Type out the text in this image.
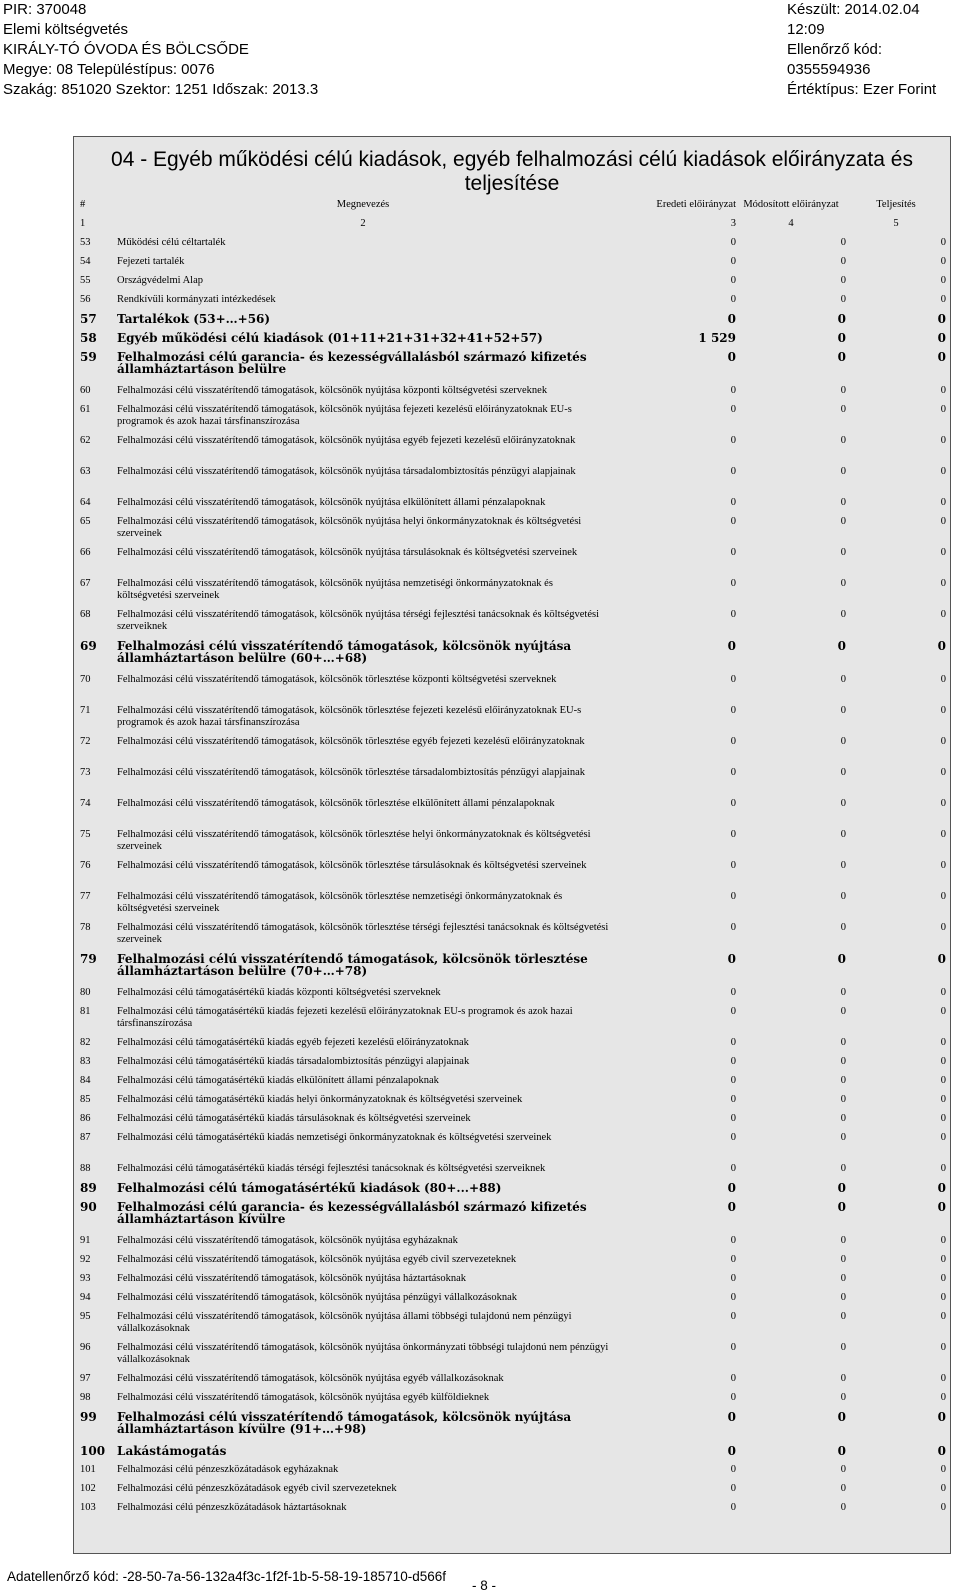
PIR: 370048
Elemi költségvetés
KIRÁLY-TÓ ÓVODA ÉS BÖLCSŐDE
Megye: 08 Településtípus: 0076
Szakág: 851020 Szektor: 1251 Időszak: 2013.3
Készült: 2014.02.04 12:09
Ellenőrző kód: 0355594936
Értéktípus: Ezer Forint
04 - Egyéb működési célú kiadások, egyéb felhalmozási célú kiadások előirányzata és teljesítése
#	Megnevezés	Eredeti előirányzat	Módosított előirányzat	Teljesítés
1	2	3	4	5
53	Működési célú céltartalék	0	0	0
54	Fejezeti tartalék	0	0	0
55	Országvédelmi Alap	0	0	0
56	Rendkívüli kormányzati intézkedések	0	0	0
57	Tartalékok (53+…+56)	0	0	0
58	Egyéb működési célú kiadások (01+11+21+31+32+41+52+57)	1 529	0	0
59	Felhalmozási célú garancia- és kezességvállalásból származó kifizetés államháztartáson belülre	0	0	0
60	Felhalmozási célú visszatérítendő támogatások, kölcsönök nyújtása központi költségvetési szerveknek	0	0	0
61	Felhalmozási célú visszatérítendő támogatások, kölcsönök nyújtása fejezeti kezelésű előirányzatoknak EU-s programok és azok hazai társfinanszírozása	0	0	0
62	Felhalmozási célú visszatérítendő támogatások, kölcsönök nyújtása egyéb fejezeti kezelésű előirányzatoknak	0	0	0
63	Felhalmozási célú visszatérítendő támogatások, kölcsönök nyújtása társadalombiztosítás pénzügyi alapjainak	0	0	0
64	Felhalmozási célú visszatérítendő támogatások, kölcsönök nyújtása elkülönített állami pénzalapoknak	0	0	0
65	Felhalmozási célú visszatérítendő támogatások, kölcsönök nyújtása helyi önkormányzatoknak és költségvetési szerveinek	0	0	0
66	Felhalmozási célú visszatérítendő támogatások, kölcsönök nyújtása társulásoknak és költségvetési szerveinek	0	0	0
67	Felhalmozási célú visszatérítendő támogatások, kölcsönök nyújtása nemzetiségi önkormányzatoknak és költségvetési szerveinek	0	0	0
68	Felhalmozási célú visszatérítendő támogatások, kölcsönök nyújtása térségi fejlesztési tanácsoknak és költségvetési szerveiknek	0	0	0
69	Felhalmozási célú visszatérítendő támogatások, kölcsönök nyújtása államháztartáson belülre (60+…+68)	0	0	0
70	Felhalmozási célú visszatérítendő támogatások, kölcsönök törlesztése központi költségvetési szerveknek	0	0	0
71	Felhalmozási célú visszatérítendő támogatások, kölcsönök törlesztése fejezeti kezelésű előirányzatoknak EU-s programok és azok hazai társfinanszírozása	0	0	0
72	Felhalmozási célú visszatérítendő támogatások, kölcsönök törlesztése egyéb fejezeti kezelésű előirányzatoknak	0	0	0
73	Felhalmozási célú visszatérítendő támogatások, kölcsönök törlesztése társadalombiztosítás pénzügyi alapjainak	0	0	0
74	Felhalmozási célú visszatérítendő támogatások, kölcsönök törlesztése elkülönített állami pénzalapoknak	0	0	0
75	Felhalmozási célú visszatérítendő támogatások, kölcsönök törlesztése helyi önkormányzatoknak és költségvetési szerveinek	0	0	0
76	Felhalmozási célú visszatérítendő támogatások, kölcsönök törlesztése társulásoknak és költségvetési szerveinek	0	0	0
77	Felhalmozási célú visszatérítendő támogatások, kölcsönök törlesztése nemzetiségi önkormányzatoknak és költségvetési szerveinek	0	0	0
78	Felhalmozási célú visszatérítendő támogatások, kölcsönök törlesztése térségi fejlesztési tanácsoknak és költségvetési szerveinek	0	0	0
79	Felhalmozási célú visszatérítendő támogatások, kölcsönök törlesztése államháztartáson belülre (70+…+78)	0	0	0
80	Felhalmozási célú támogatásértékű kiadás központi költségvetési szerveknek	0	0	0
81	Felhalmozási célú támogatásértékű kiadás fejezeti kezelésű előirányzatoknak EU-s programok és azok hazai társfinanszírozása	0	0	0
82	Felhalmozási célú támogatásértékű kiadás egyéb fejezeti kezelésű előirányzatoknak	0	0	0
83	Felhalmozási célú támogatásértékű kiadás társadalombiztosítás pénzügyi alapjainak	0	0	0
84	Felhalmozási célú támogatásértékű kiadás elkülönített állami pénzalapoknak	0	0	0
85	Felhalmozási célú támogatásértékű kiadás helyi önkormányzatoknak és költségvetési szerveinek	0	0	0
86	Felhalmozási célú támogatásértékű kiadás társulásoknak és költségvetési szerveinek	0	0	0
87	Felhalmozási célú támogatásértékű kiadás nemzetiségi önkormányzatoknak és költségvetési szerveinek	0	0	0
88	Felhalmozási célú támogatásértékű kiadás térségi fejlesztési tanácsoknak és költségvetési szerveiknek	0	0	0
89	Felhalmozási célú támogatásértékű kiadások (80+...+88)	0	0	0
90	Felhalmozási célú garancia- és kezességvállalásból származó kifizetés államháztartáson kívülre	0	0	0
91	Felhalmozási célú visszatérítendő támogatások, kölcsönök nyújtása egyházaknak	0	0	0
92	Felhalmozási célú visszatérítendő támogatások, kölcsönök nyújtása egyéb civil szervezeteknek	0	0	0
93	Felhalmozási célú visszatérítendő támogatások, kölcsönök nyújtása háztartásoknak	0	0	0
94	Felhalmozási célú visszatérítendő támogatások, kölcsönök nyújtása pénzügyi vállalkozásoknak	0	0	0
95	Felhalmozási célú visszatérítendő támogatások, kölcsönök nyújtása állami többségi tulajdonú nem pénzügyi vállalkozásoknak	0	0	0
96	Felhalmozási célú visszatérítendő támogatások, kölcsönök nyújtása önkormányzati többségi tulajdonú nem pénzügyi vállalkozásoknak	0	0	0
97	Felhalmozási célú visszatérítendő támogatások, kölcsönök nyújtása egyéb vállalkozásoknak	0	0	0
98	Felhalmozási célú visszatérítendő támogatások, kölcsönök nyújtása egyéb külföldieknek	0	0	0
99	Felhalmozási célú visszatérítendő támogatások, kölcsönök nyújtása államháztartáson kívülre (91+…+98)	0	0	0
100	Lakástámogatás	0	0	0
101	Felhalmozási célú pénzeszközátadások egyházaknak	0	0	0
102	Felhalmozási célú pénzeszközátadások egyéb civil szervezeteknek	0	0	0
103	Felhalmozási célú pénzeszközátadások háztartásoknak	0	0	0
Adatellenőrző kód: -28-50-7a-56-132a4f3c-1f2f-1b-5-58-19-185710-d566f
- 8 -
